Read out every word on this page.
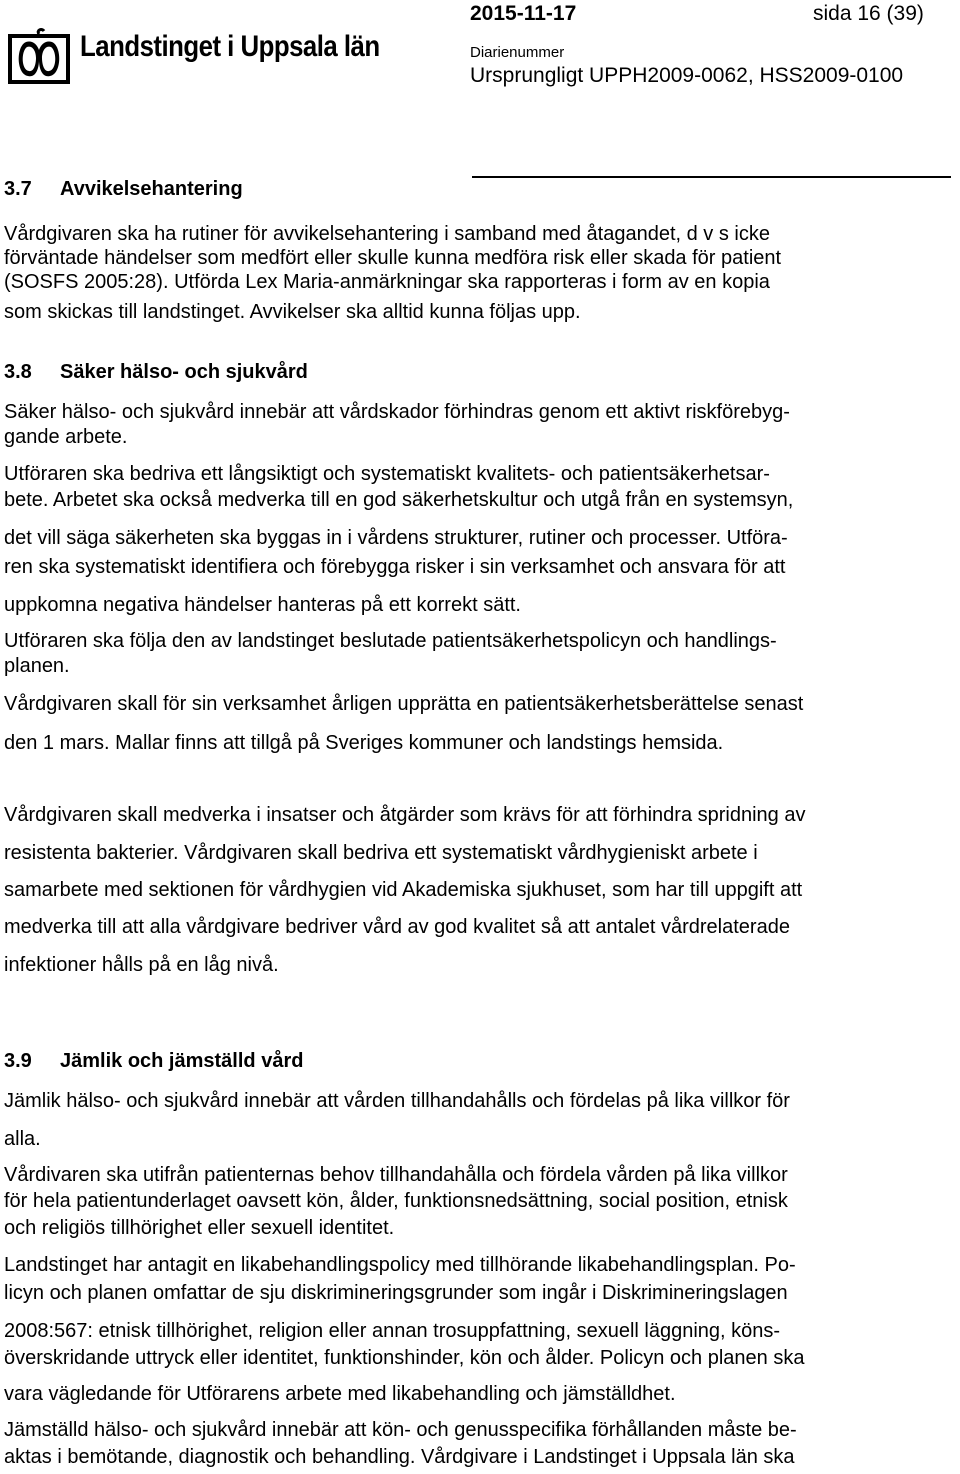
Landstinget i Uppsala län
2015-11-17	sida 16 (39)
Diarienummer
Ursprungligt UPPH2009-0062, HSS2009-0100
3.7 Avvikelsehantering
Vårdgivaren ska ha rutiner för avvikelsehantering i samband med åtagandet, d v s icke
förväntade händelser som medfört eller skulle kunna medföra risk eller skada för patient
(SOSFS 2005:28). Utförda Lex Maria-anmärkningar ska rapporteras i form av en kopia
som skickas till landstinget. Avvikelser ska alltid kunna följas upp.
3.8 Säker hälso- och sjukvård
Säker hälso- och sjukvård innebär att vårdskador förhindras genom ett aktivt riskförebyg-
gande arbete.
Utföraren ska bedriva ett långsiktigt och systematiskt kvalitets- och patientsäkerhetsar-
bete. Arbetet ska också medverka till en god säkerhetskultur och utgå från en systemsyn,
det vill säga säkerheten ska byggas in i vårdens strukturer, rutiner och processer. Utföra-
ren ska systematiskt identifiera och förebygga risker i sin verksamhet och ansvara för att
uppkomna negativa händelser hanteras på ett korrekt sätt.
Utföraren ska följa den av landstinget beslutade patientsäkerhetspolicyn och handlings-
planen.
Vårdgivaren skall för sin verksamhet årligen upprätta en patientsäkerhetsberättelse senast
den 1 mars. Mallar finns att tillgå på Sveriges kommuner och landstings hemsida.
Vårdgivaren skall medverka i insatser och åtgärder som krävs för att förhindra spridning av
resistenta bakterier. Vårdgivaren skall bedriva ett systematiskt vårdhygieniskt arbete i
samarbete med sektionen för vårdhygien vid Akademiska sjukhuset, som har till uppgift att
medverka till att alla vårdgivare bedriver vård av god kvalitet så att antalet vårdrelaterade
infektioner hålls på en låg nivå.
3.9 Jämlik och jämställd vård
Jämlik hälso- och sjukvård innebär att vården tillhandahålls och fördelas på lika villkor för
alla.
Vårdivaren ska utifrån patienternas behov tillhandahålla och fördela vården på lika villkor
för hela patientunderlaget oavsett kön, ålder, funktionsnedsättning, social position, etnisk
och religiös tillhörighet eller sexuell identitet.
Landstinget har antagit en likabehandlingspolicy med tillhörande likabehandlingsplan. Po-
licyn och planen omfattar de sju diskrimineringsgrunder som ingår i Diskrimineringslagen
2008:567: etnisk tillhörighet, religion eller annan trosuppfattning, sexuell läggning, köns-
överskridande uttryck eller identitet, funktionshinder, kön och ålder. Policyn och planen ska
vara vägledande för Utförarens arbete med likabehandling och jämställdhet.
Jämställd hälso- och sjukvård innebär att kön- och genusspecifika förhållanden måste be-
aktas i bemötande, diagnostik och behandling. Vårdgivare i Landstinget i Uppsala län ska
